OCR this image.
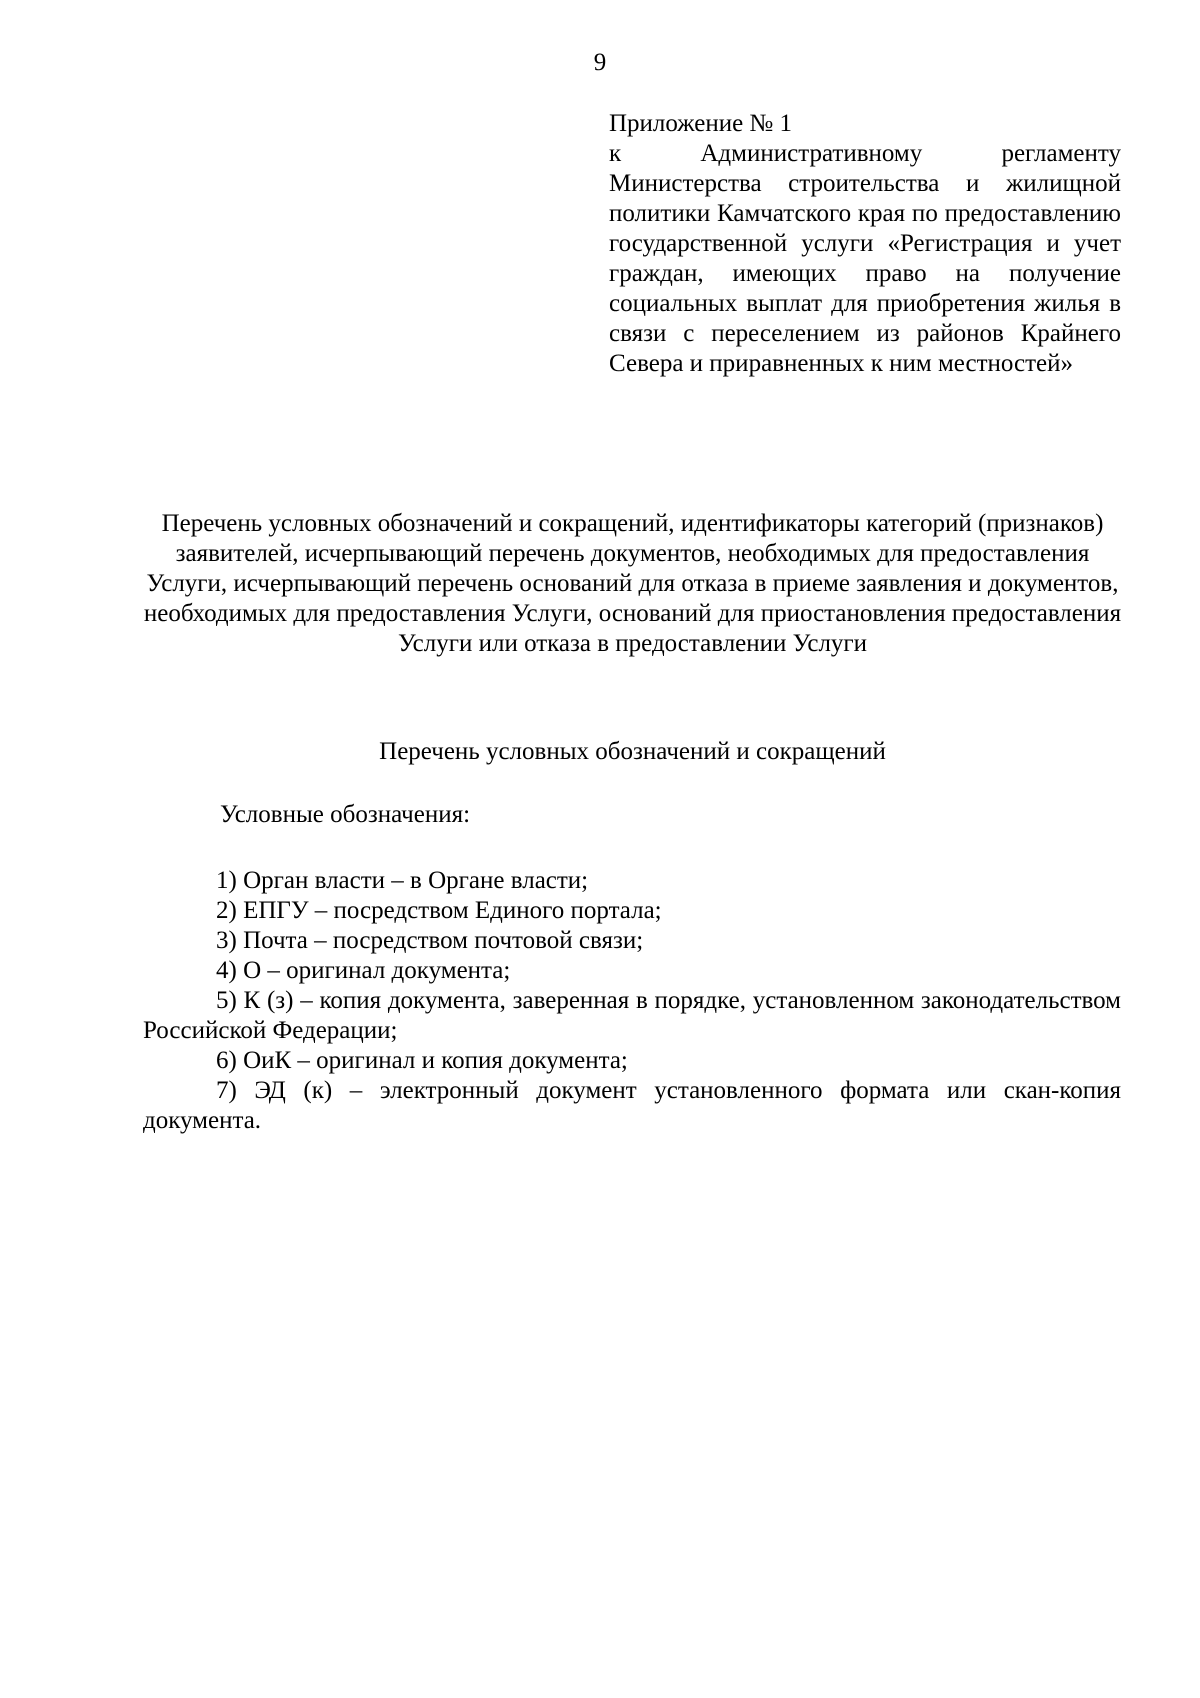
9
Приложение № 1
к Административному регламенту Министерства строительства и жилищной политики Камчатского края по предоставлению государственной услуги «Регистрация и учет граждан, имеющих право на получение социальных выплат для приобретения жилья в связи с переселением из районов Крайнего Севера и приравненных к ним местностей»
Перечень условных обозначений и сокращений, идентификаторы категорий (признаков) заявителей, исчерпывающий перечень документов, необходимых для предоставления Услуги, исчерпывающий перечень оснований для отказа в приеме заявления и документов, необходимых для предоставления Услуги, оснований для приостановления предоставления Услуги или отказа в предоставлении Услуги
Перечень условных обозначений и сокращений
Условные обозначения:

1) Орган власти – в Органе власти;

2) ЕПГУ – посредством Единого портала;

3) Почта – посредством почтовой связи;

4) О – оригинал документа;

5) К (з) – копия документа, заверенная в порядке, установленном законодательством Российской Федерации;

6) ОиК – оригинал и копия документа;

7) ЭД (к) – электронный документ установленного формата или скан-копия документа.
